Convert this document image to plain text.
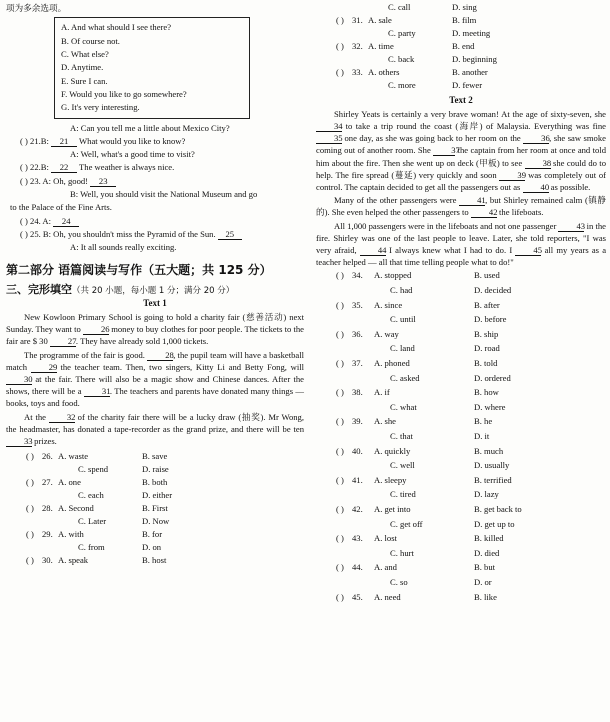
项为多余选项。

A. And what should I see there?
B. Of course not.
C. What else?
D. Anytime.
E. Sure I can.
F. Would you like to go somewhere?
G. It's very interesting.
A: Can you tell me a little about Mexico City?
( ) 21.B: 21 What would you like to know?
A: Well, what's a good time to visit?
( ) 22.B: 22 The weather is always nice.
( ) 23. A: Oh, good! 23
B: Well, you should visit the National Museum and go
to the Palace of the Fine Arts.
( ) 24. A: 24
( ) 25. B: Oh, you shouldn't miss the Pyramid of the Sun. 25
A: It all sounds really exciting.
第二部分 语篇阅读与写作（五大题；共 125 分）
三、完形填空（共 20 小题，每小题 1 分；满分 20 分）
Text 1

New Kowloon Primary School is going to hold a charity fair (慈善活动) next Sunday. They want to 26 money to buy clothes for poor people. The tickets to the fair are $ 30 27. They have already sold 1,000 tickets.

The programme of the fair is good. 28, the pupil team will have a basketball match	29 the teacher team. Then, two singers, Kitty Li and Betty Fong, will 30 at the fair. There will also be a magic show and Chinese dances. After the shows, there will be a 31. The teachers and parents have donated many things — books, toys and food.

At the 32 of the charity fair there will be a lucky draw (抽奖). Mr Wong, the headmaster, has donated a tape-recorder as the grand prize, and there will be ten 33 prizes.

( ) 26. A. waste	B. save
C. spend	D. raise
( ) 27. A. one	B. both
C. each	D. either
( ) 28. A. Second	B. First
C. Later	D. Now
( ) 29. A. with	B. for
C. from	D. on
( ) 30. A. speak	B. host
C. call	D. sing
( ) 31. A. sale	B. film
C. party	D. meeting
( ) 32. A. time	B. end
C. back	D. beginning
( ) 33. A. others	B. another
C. more	D. fewer
Text 2

Shirley Yeats is certainly a very brave woman! At the age of sixty-seven, she 34 to take a trip round the coast (海岸) of Malaysia. Everything was fine 35 one day, as she was going back to her room on the 36, she saw smoke coming out of another room. She 37 the captain from her room at once and told him about the fire. Then she went up on deck (甲板) to see 38 she could do to help. The fire spread (蔓延) very quickly and soon 39 was completely out of control. The captain decided to get all the passengers out as 40 as possible.

Many of the other passengers were 41, but Shirley remained calm (镇静的). She even helped the other passengers to 42 the lifeboats.

All 1,000 passengers were in the lifeboats and not one passenger 43 in the fire. Shirley was one of the last people to leave. Later, she told reporters, "I was very afraid, 44 I always knew what I had to do. I 45 all my years as a teacher helped — all that time telling people what to do!"

( ) 34. A. stopped	B. used
C. had	D. decided
( ) 35. A. since	B. after
C. until	D. before
( ) 36. A. way	B. ship
C. land	D. road
( ) 37. A. phoned	B. told
C. asked	D. ordered
( ) 38. A. if	B. how
C. what	D. where
( ) 39. A. she	B. he
C. that	D. it
( ) 40. A. quickly	B. much
C. well	D. usually
( ) 41. A. sleepy	B. terrified
C. tired	D. lazy
( ) 42. A. get into	B. get back to
C. get off	D. get up to
( ) 43. A. lost	B. killed
C. hurt	D. died
( ) 44. A. and	B. but
C. so	D. or
( ) 45. A. need	B. like
